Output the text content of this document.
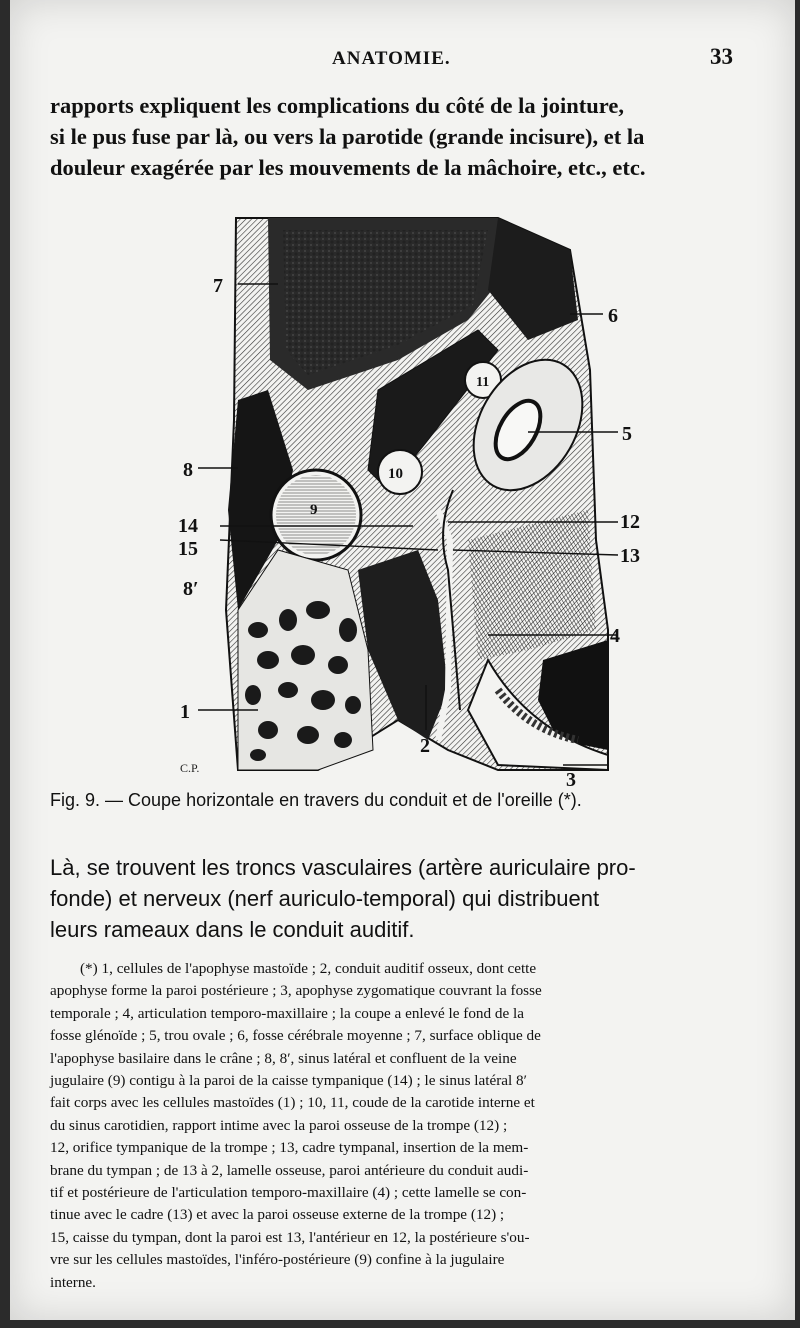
ANATOMIE.	33
rapports expliquent les complications du côté de la jointure,
si le pus fuse par là, ou vers la parotide (grande incisure), et la
douleur exagérée par les mouvements de la mâchoire, etc., etc.
7
6
11
5
8	10
9
14	12
15	13
8′
4
1
2
3
C.P.
Fig. 9. — Coupe horizontale en travers du conduit et de l'oreille (*).
Là, se trouvent les troncs vasculaires (artère auriculaire pro-
fonde) et nerveux (nerf auriculo-temporal) qui distribuent
leurs rameaux dans le conduit auditif.
(*) 1, cellules de l'apophyse mastoïde ; 2, conduit auditif osseux, dont cette
apophyse forme la paroi postérieure ; 3, apophyse zygomatique couvrant la fosse
temporale ; 4, articulation temporo-maxillaire ; la coupe a enlevé le fond de la
fosse glénoïde ; 5, trou ovale ; 6, fosse cérébrale moyenne ; 7, surface oblique de
l'apophyse basilaire dans le crâne ; 8, 8′, sinus latéral et confluent de la veine
jugulaire (9) contigu à la paroi de la caisse tympanique (14) ; le sinus latéral 8′
fait corps avec les cellules mastoïdes (1) ; 10, 11, coude de la carotide interne et
du sinus carotidien, rapport intime avec la paroi osseuse de la trompe (12) ;
12, orifice tympanique de la trompe ; 13, cadre tympanal, insertion de la mem-
brane du tympan ; de 13 à 2, lamelle osseuse, paroi antérieure du conduit audi-
tif et postérieure de l'articulation temporo-maxillaire (4) ; cette lamelle se con-
tinue avec le cadre (13) et avec la paroi osseuse externe de la trompe (12) ;
15, caisse du tympan, dont la paroi est 13, l'antérieur en 12, la postérieure s'ou-
vre sur les cellules mastoïdes, l'inféro-postérieure (9) confine à la jugulaire
interne.
